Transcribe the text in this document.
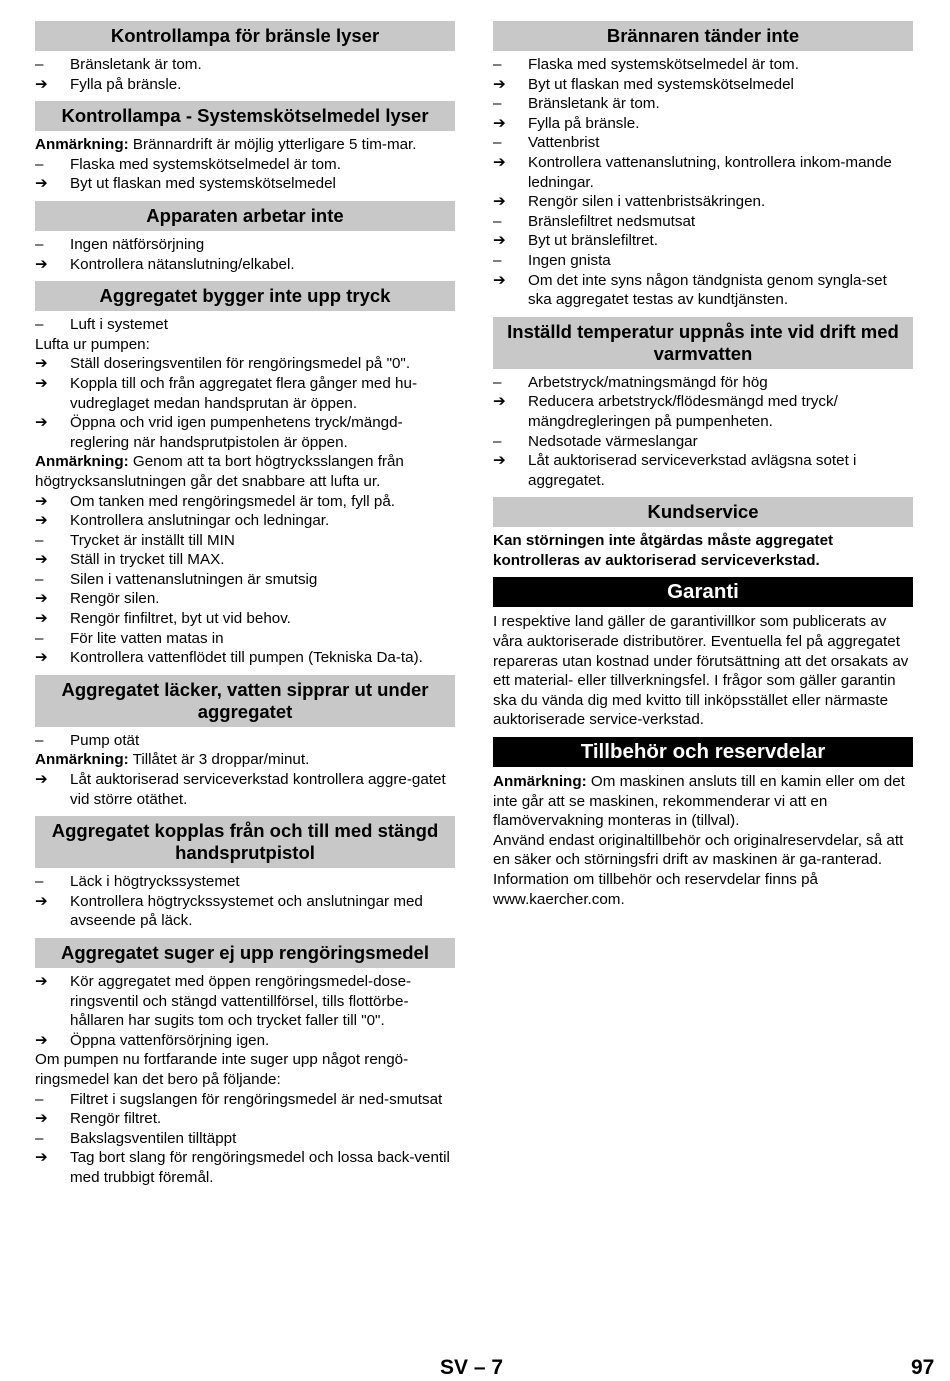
Kontrollampa för bränsle lyser
–	Bränsletank är tom.
➔	Fylla på bränsle.
Kontrollampa - Systemskötselmedel lyser

Anmärkning: Brännardrift är möjlig ytterligare 5 tim-mar.

–	Flaska med systemskötselmedel är tom.
➔	Byt ut flaskan med systemskötselmedel
Apparaten arbetar inte
–	Ingen nätförsörjning
➔	Kontrollera nätanslutning/elkabel.
Aggregatet bygger inte upp tryck
–	Luft i systemet

Lufta ur pumpen:

➔	Ställ doseringsventilen för rengöringsmedel på "0".
➔	Koppla till och från aggregatet flera gånger med hu-vudreglaget medan handsprutan är öppen.
➔	Öppna och vrid igen pumpenhetens tryck/mängd-reglering när handsprutpistolen är öppen.

Anmärkning: Genom att ta bort högtrycksslangen från högtrycksanslutningen går det snabbare att lufta ur.

➔	Om tanken med rengöringsmedel är tom, fyll på.
➔	Kontrollera anslutningar och ledningar.
–	Trycket är inställt till MIN
➔	Ställ in trycket till MAX.
–	Silen i vattenanslutningen är smutsig
➔	Rengör silen.
➔	Rengör finfiltret, byt ut vid behov.
–	För lite vatten matas in
➔	Kontrollera vattenflödet till pumpen (Tekniska Da-ta).
Aggregatet läcker, vatten sipprar ut under aggregatet
–	Pump otät

Anmärkning: Tillåtet är 3 droppar/minut.

➔	Låt auktoriserad serviceverkstad kontrollera aggre-gatet vid större otäthet.
Aggregatet kopplas från och till med stängd handsprutpistol
–	Läck i högtryckssystemet
➔	Kontrollera högtryckssystemet och anslutningar med avseende på läck.
Aggregatet suger ej upp rengöringsmedel
➔	Kör aggregatet med öppen rengöringsmedel-dose-ringsventil och stängd vattentillförsel, tills flottörbe-hållaren har sugits tom och trycket faller till "0".
➔	Öppna vattenförsörjning igen.

Om pumpen nu fortfarande inte suger upp något rengö-ringsmedel kan det bero på följande:

–	Filtret i sugslangen för rengöringsmedel är ned-smutsat
➔	Rengör filtret.
–	Bakslagsventilen tilltäppt
➔	Tag bort slang för rengöringsmedel och lossa back-ventil med trubbigt föremål.
Brännaren tänder inte
–	Flaska med systemskötselmedel är tom.
➔	Byt ut flaskan med systemskötselmedel
–	Bränsletank är tom.
➔	Fylla på bränsle.
–	Vattenbrist
➔	Kontrollera vattenanslutning, kontrollera inkom-mande ledningar.
➔	Rengör silen i vattenbristsäkringen.
–	Bränslefiltret nedsmutsat
➔	Byt ut bränslefiltret.
–	Ingen gnista
➔	Om det inte syns någon tändgnista genom syngla-set ska aggregatet testas av kundtjänsten.
Inställd temperatur uppnås inte vid drift med varmvatten
–	Arbetstryck/matningsmängd för hög
➔	Reducera arbetstryck/flödesmängd med tryck/ mängdregleringen på pumpenheten.
–	Nedsotade värmeslangar
➔	Låt auktoriserad serviceverkstad avlägsna sotet i aggregatet.
Kundservice

Kan störningen inte åtgärdas måste aggregatet kontrolleras av auktoriserad serviceverkstad.

Garanti

I respektive land gäller de garantivillkor som publicerats av våra auktoriserade distributörer. Eventuella fel på aggregatet repareras utan kostnad under förutsättning att det orsakats av ett material- eller tillverkningsfel. I frågor som gäller garantin ska du vända dig med kvitto till inköpsstället eller närmaste auktoriserade service-verkstad.

Tillbehör och reservdelar

Anmärkning: Om maskinen ansluts till en kamin eller om det inte går att se maskinen, rekommenderar vi att en flamövervakning monteras in (tillval).

Använd endast originaltillbehör och originalreservdelar, så att en säker och störningsfri drift av maskinen är ga-ranterad.

Information om tillbehör och reservdelar finns på www.kaercher.com.

SV – 7	97
